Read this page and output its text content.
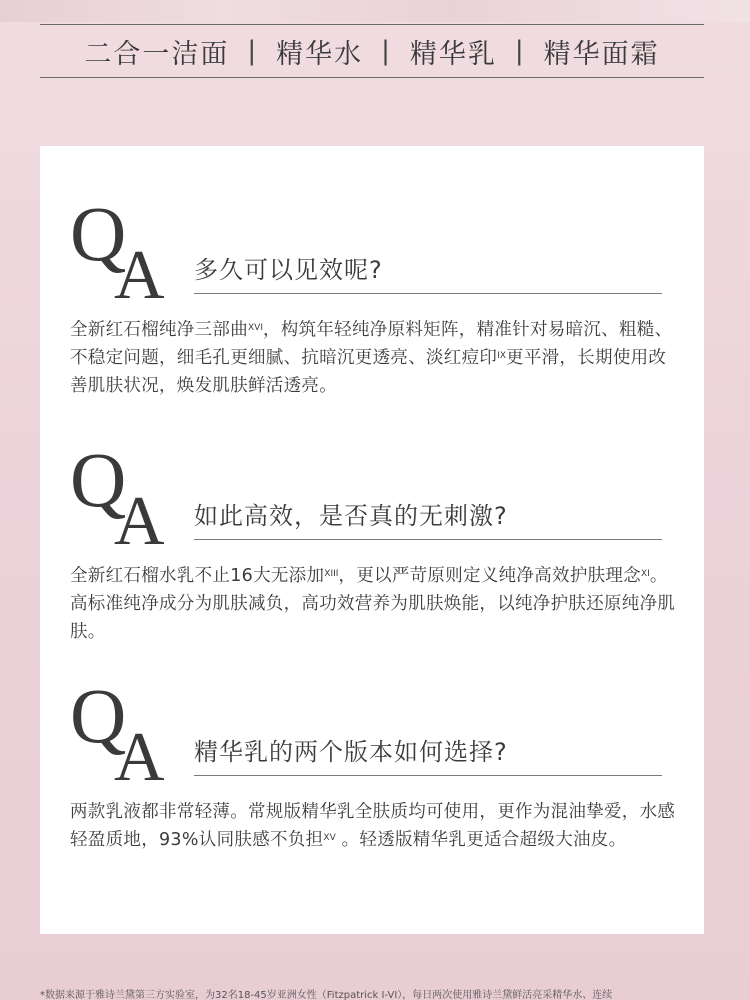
二合一洁面 | 精华水 | 精华乳 | 精华面霜
Q
A 多久可以见效呢?
全新红石榴纯净三部曲$^{XVI}$，构筑年轻纯净原料矩阵，精准针对易暗沉、粗糙、不稳定问题，细毛孔更细腻、抗暗沉更透亮、淡红痘印$^{IX}$更平滑，长期使用改善肌肤状况，焕发肌肤鲜活透亮。
Q
A 如此高效，是否真的无刺激?
全新红石榴水乳不止16大无添加$^{XIII}$，更以严苛原则定义纯净高效护肤理念$^{XI}$。高标准纯净成分为肌肤减负，高功效营养为肌肤焕能，以纯净护肤还原纯净肌肤。
Q
A 精华乳的两个版本如何选择?
两款乳液都非常轻薄。常规版精华乳全肤质均可使用，更作为混油挚爱，水感轻盈质地，93%认同肤感不负担$^{XV}$ 。轻透版精华乳更适合超级大油皮。
*数据来源于雅诗兰黛第三方实验室，为32名18-45岁亚洲女性（Fitzpatrick I-VI），每日两次使用雅诗兰黛鲜活亮采精华水、连续
